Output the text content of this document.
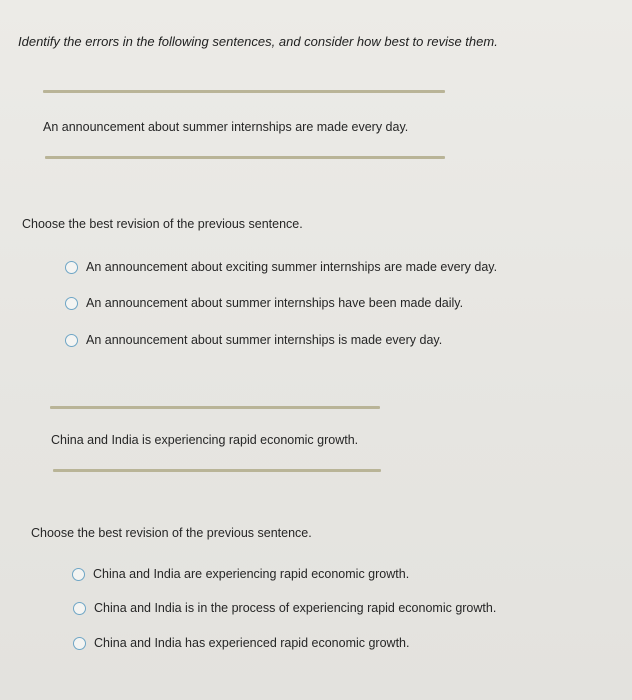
Identify the errors in the following sentences, and consider how best to revise them.
An announcement about summer internships are made every day.
Choose the best revision of the previous sentence.
An announcement about exciting summer internships are made every day.
An announcement about summer internships have been made daily.
An announcement about summer internships is made every day.
China and India is experiencing rapid economic growth.
Choose the best revision of the previous sentence.
China and India are experiencing rapid economic growth.
China and India is in the process of experiencing rapid economic growth.
China and India has experienced rapid economic growth.
